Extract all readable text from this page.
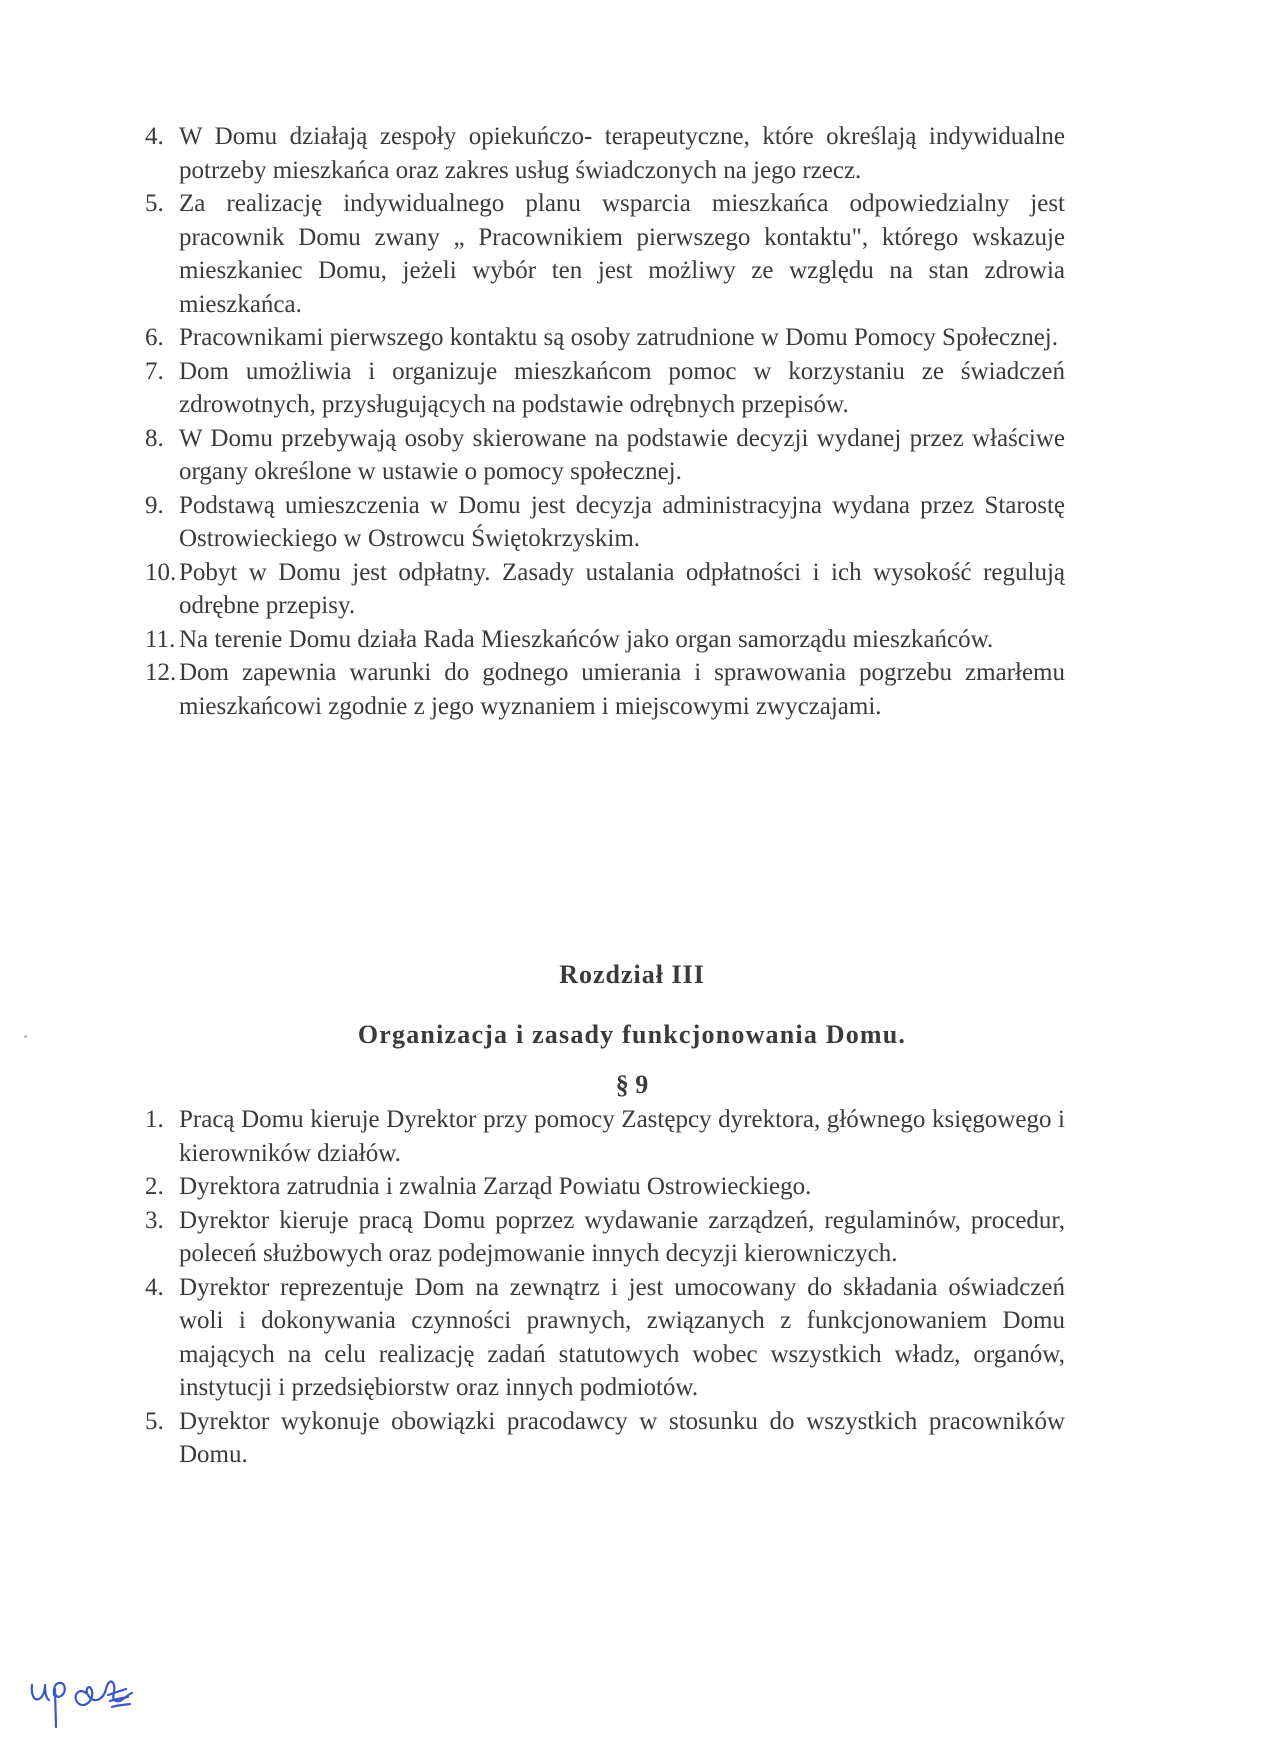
4. W Domu działają zespoły opiekuńczo- terapeutyczne, które określają indywidualne potrzeby mieszkańca oraz zakres usług świadczonych na jego rzecz.
5. Za realizację indywidualnego planu wsparcia mieszkańca odpowiedzialny jest pracownik Domu zwany „ Pracownikiem pierwszego kontaktu", którego wskazuje mieszkaniec Domu, jeżeli wybór ten jest możliwy ze względu na stan zdrowia mieszkańca.
6. Pracownikami pierwszego kontaktu są osoby zatrudnione w Domu Pomocy Społecznej.
7. Dom umożliwia i organizuje mieszkańcom pomoc w korzystaniu ze świadczeń zdrowotnych, przysługujących na podstawie odrębnych przepisów.
8. W Domu przebywają osoby skierowane na podstawie decyzji wydanej przez właściwe organy określone w ustawie o pomocy społecznej.
9. Podstawą umieszczenia w Domu jest decyzja administracyjna wydana przez Starostę Ostrowieckiego w Ostrowcu Świętokrzyskim.
10. Pobyt w Domu jest odpłatny. Zasady ustalania odpłatności i ich wysokość regulują odrębne przepisy.
11. Na terenie Domu działa Rada Mieszkańców jako organ samorządu mieszkańców.
12. Dom zapewnia warunki do godnego umierania i sprawowania pogrzebu zmarłemu mieszkańcowi zgodnie z jego wyznaniem i miejscowymi zwyczajami.
Rozdział III
Organizacja i zasady funkcjonowania Domu.
§ 9
1. Pracą Domu kieruje Dyrektor przy pomocy Zastępcy dyrektora, głównego księgowego i kierowników działów.
2. Dyrektora zatrudnia i zwalnia Zarząd Powiatu Ostrowieckiego.
3. Dyrektor kieruje pracą Domu poprzez wydawanie zarządzeń, regulaminów, procedur, poleceń służbowych oraz podejmowanie innych decyzji kierowniczych.
4. Dyrektor reprezentuje Dom na zewnątrz i jest umocowany do składania oświadczeń woli i dokonywania czynności prawnych, związanych z funkcjonowaniem Domu mających na celu realizację zadań statutowych wobec wszystkich władz, organów, instytucji i przedsiębiorstw oraz innych podmiotów.
5. Dyrektor wykonuje obowiązki pracodawcy w stosunku do wszystkich pracowników Domu.
